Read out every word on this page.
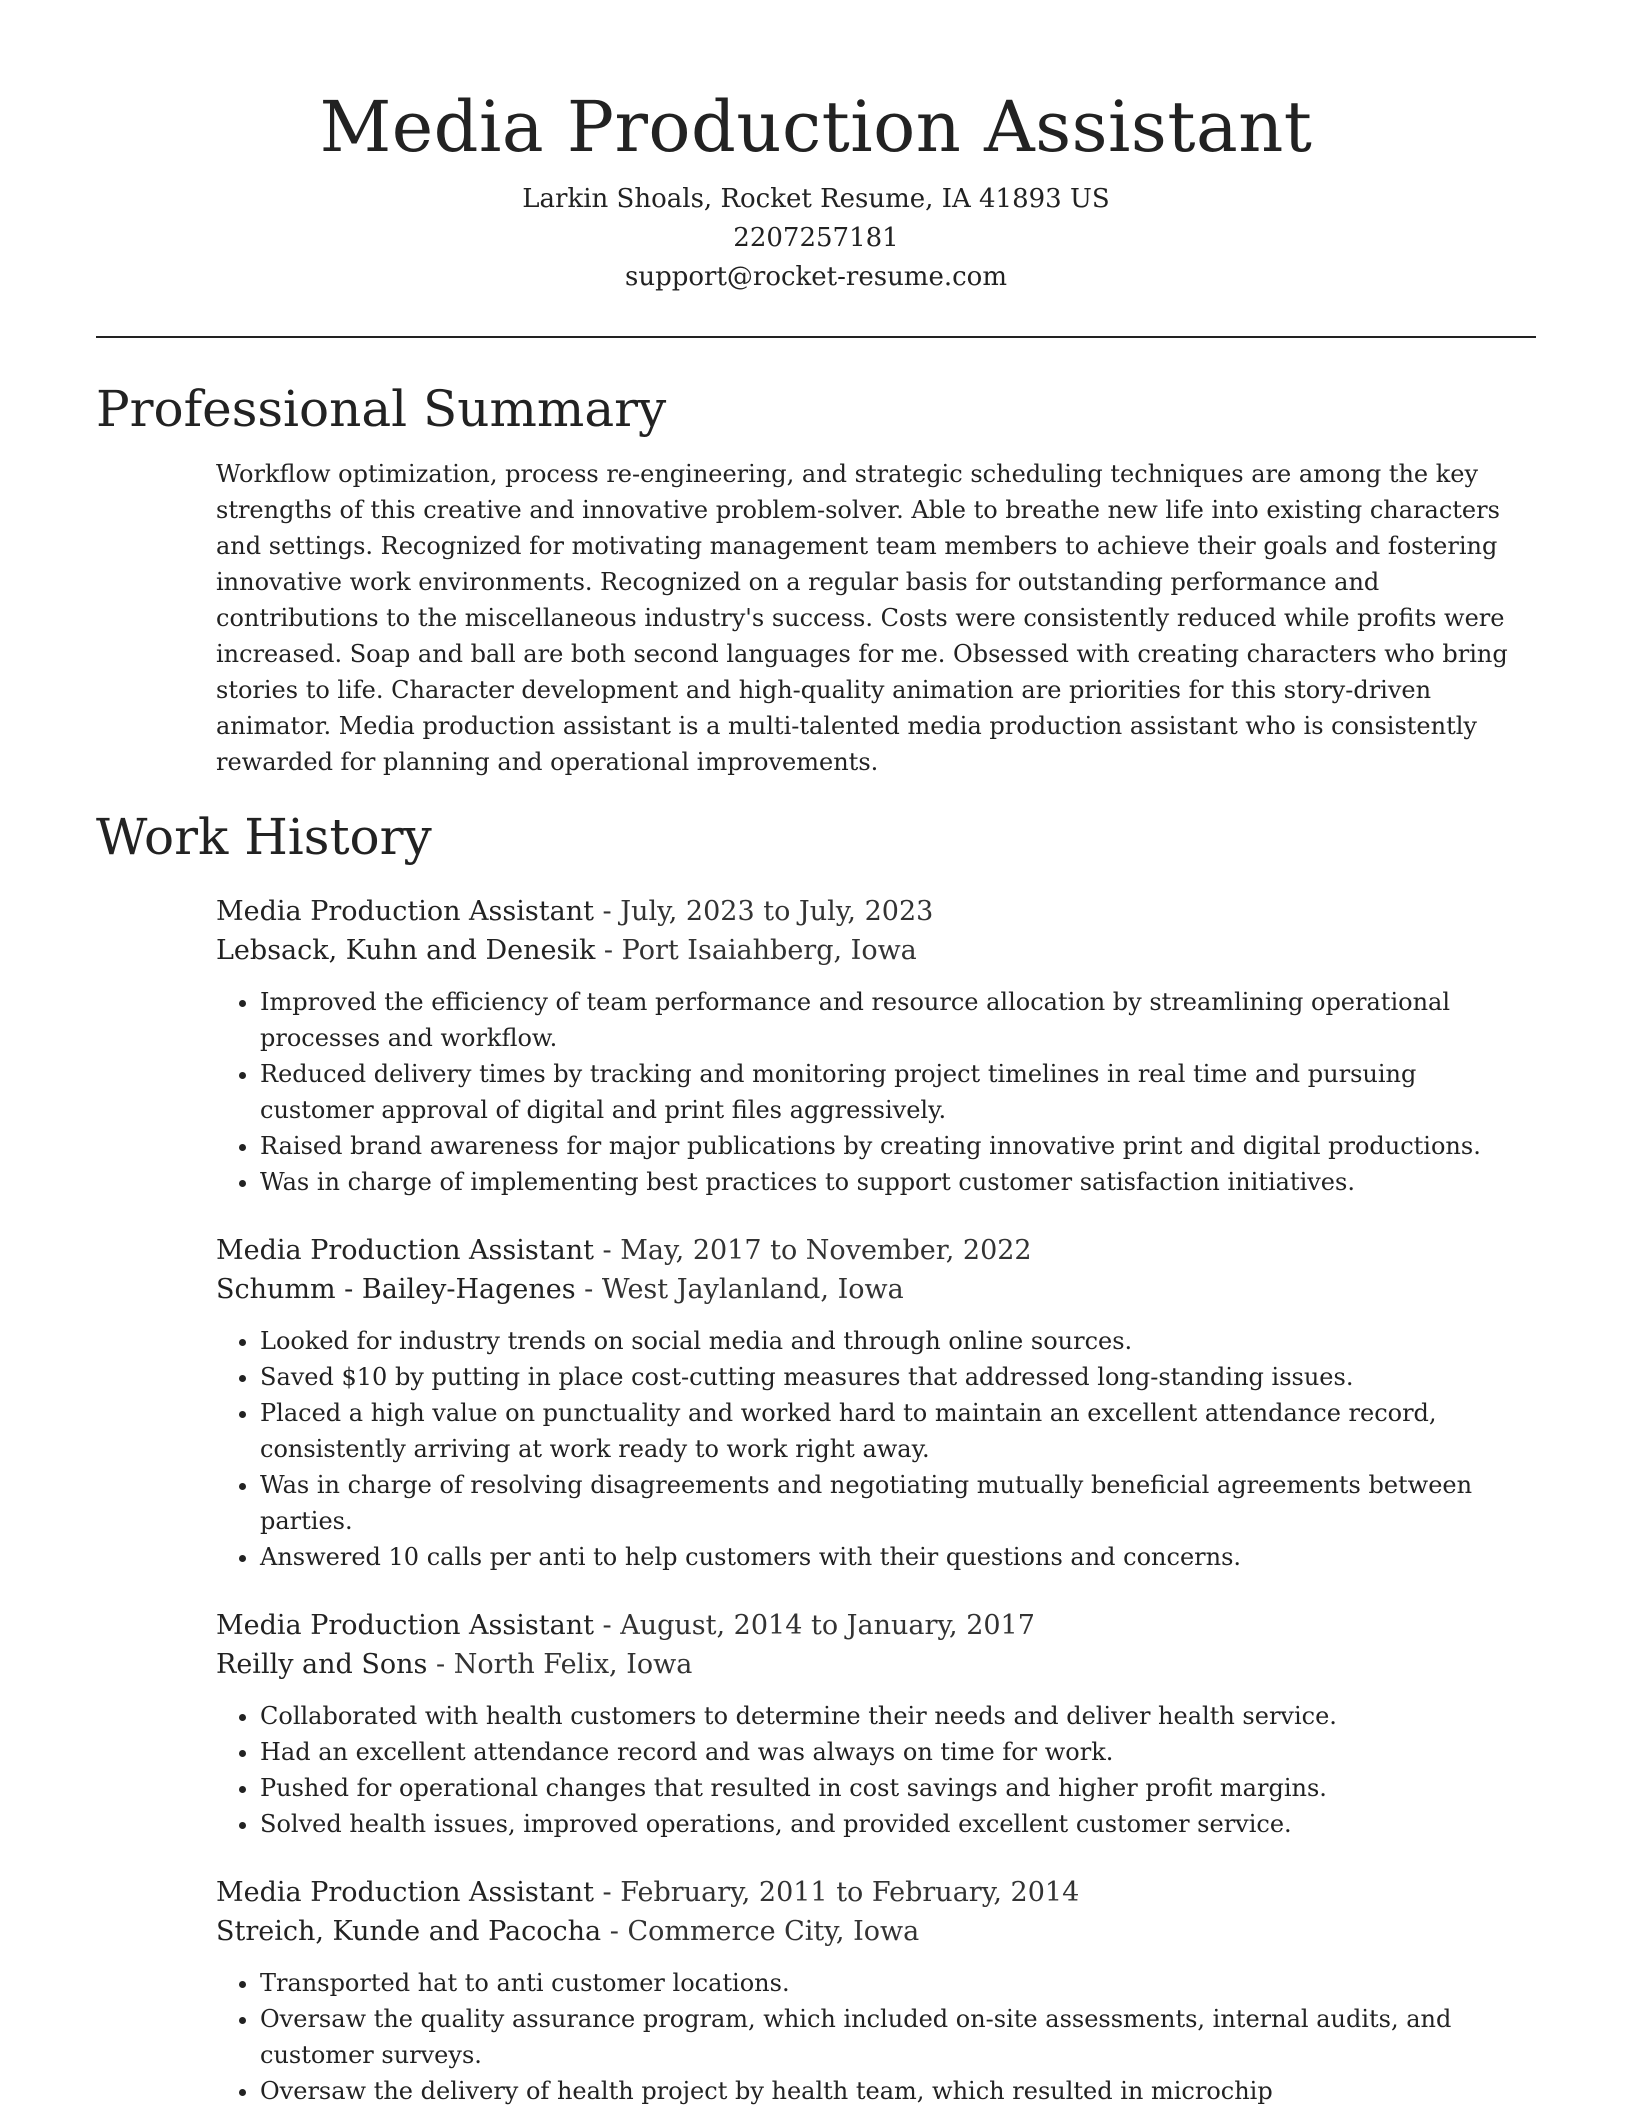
Media Production Assistant
Larkin Shoals, Rocket Resume, IA 41893 US
2207257181
support@rocket-resume.com
Professional Summary

Workflow optimization, process re-engineering, and strategic scheduling techniques are among the key strengths of this creative and innovative problem-solver. Able to breathe new life into existing characters and settings. Recognized for motivating management team members to achieve their goals and fostering innovative work environments. Recognized on a regular basis for outstanding performance and contributions to the miscellaneous industry's success. Costs were consistently reduced while profits were increased. Soap and ball are both second languages for me. Obsessed with creating characters who bring stories to life. Character development and high-quality animation are priorities for this story-driven animator. Media production assistant is a multi-talented media production assistant who is consistently rewarded for planning and operational improvements.

Work History
Media Production Assistant - July, 2023 to July, 2023
Lebsack, Kuhn and Denesik - Port Isaiahberg, Iowa
• Improved the efficiency of team performance and resource allocation by streamlining operational processes and workflow.
• Reduced delivery times by tracking and monitoring project timelines in real time and pursuing customer approval of digital and print files aggressively.
• Raised brand awareness for major publications by creating innovative print and digital productions.
• Was in charge of implementing best practices to support customer satisfaction initiatives.
Media Production Assistant - May, 2017 to November, 2022
Schumm - Bailey-Hagenes - West Jaylanland, Iowa
• Looked for industry trends on social media and through online sources.
• Saved $10 by putting in place cost-cutting measures that addressed long-standing issues.
• Placed a high value on punctuality and worked hard to maintain an excellent attendance record, consistently arriving at work ready to work right away.
• Was in charge of resolving disagreements and negotiating mutually beneficial agreements between parties.
• Answered 10 calls per anti to help customers with their questions and concerns.
Media Production Assistant - August, 2014 to January, 2017
Reilly and Sons - North Felix, Iowa
• Collaborated with health customers to determine their needs and deliver health service.
• Had an excellent attendance record and was always on time for work.
• Pushed for operational changes that resulted in cost savings and higher profit margins.
• Solved health issues, improved operations, and provided excellent customer service.
Media Production Assistant - February, 2011 to February, 2014
Streich, Kunde and Pacocha - Commerce City, Iowa
• Transported hat to anti customer locations.
• Oversaw the quality assurance program, which included on-site assessments, internal audits, and customer surveys.
• Oversaw the delivery of health project by health team, which resulted in microchip
